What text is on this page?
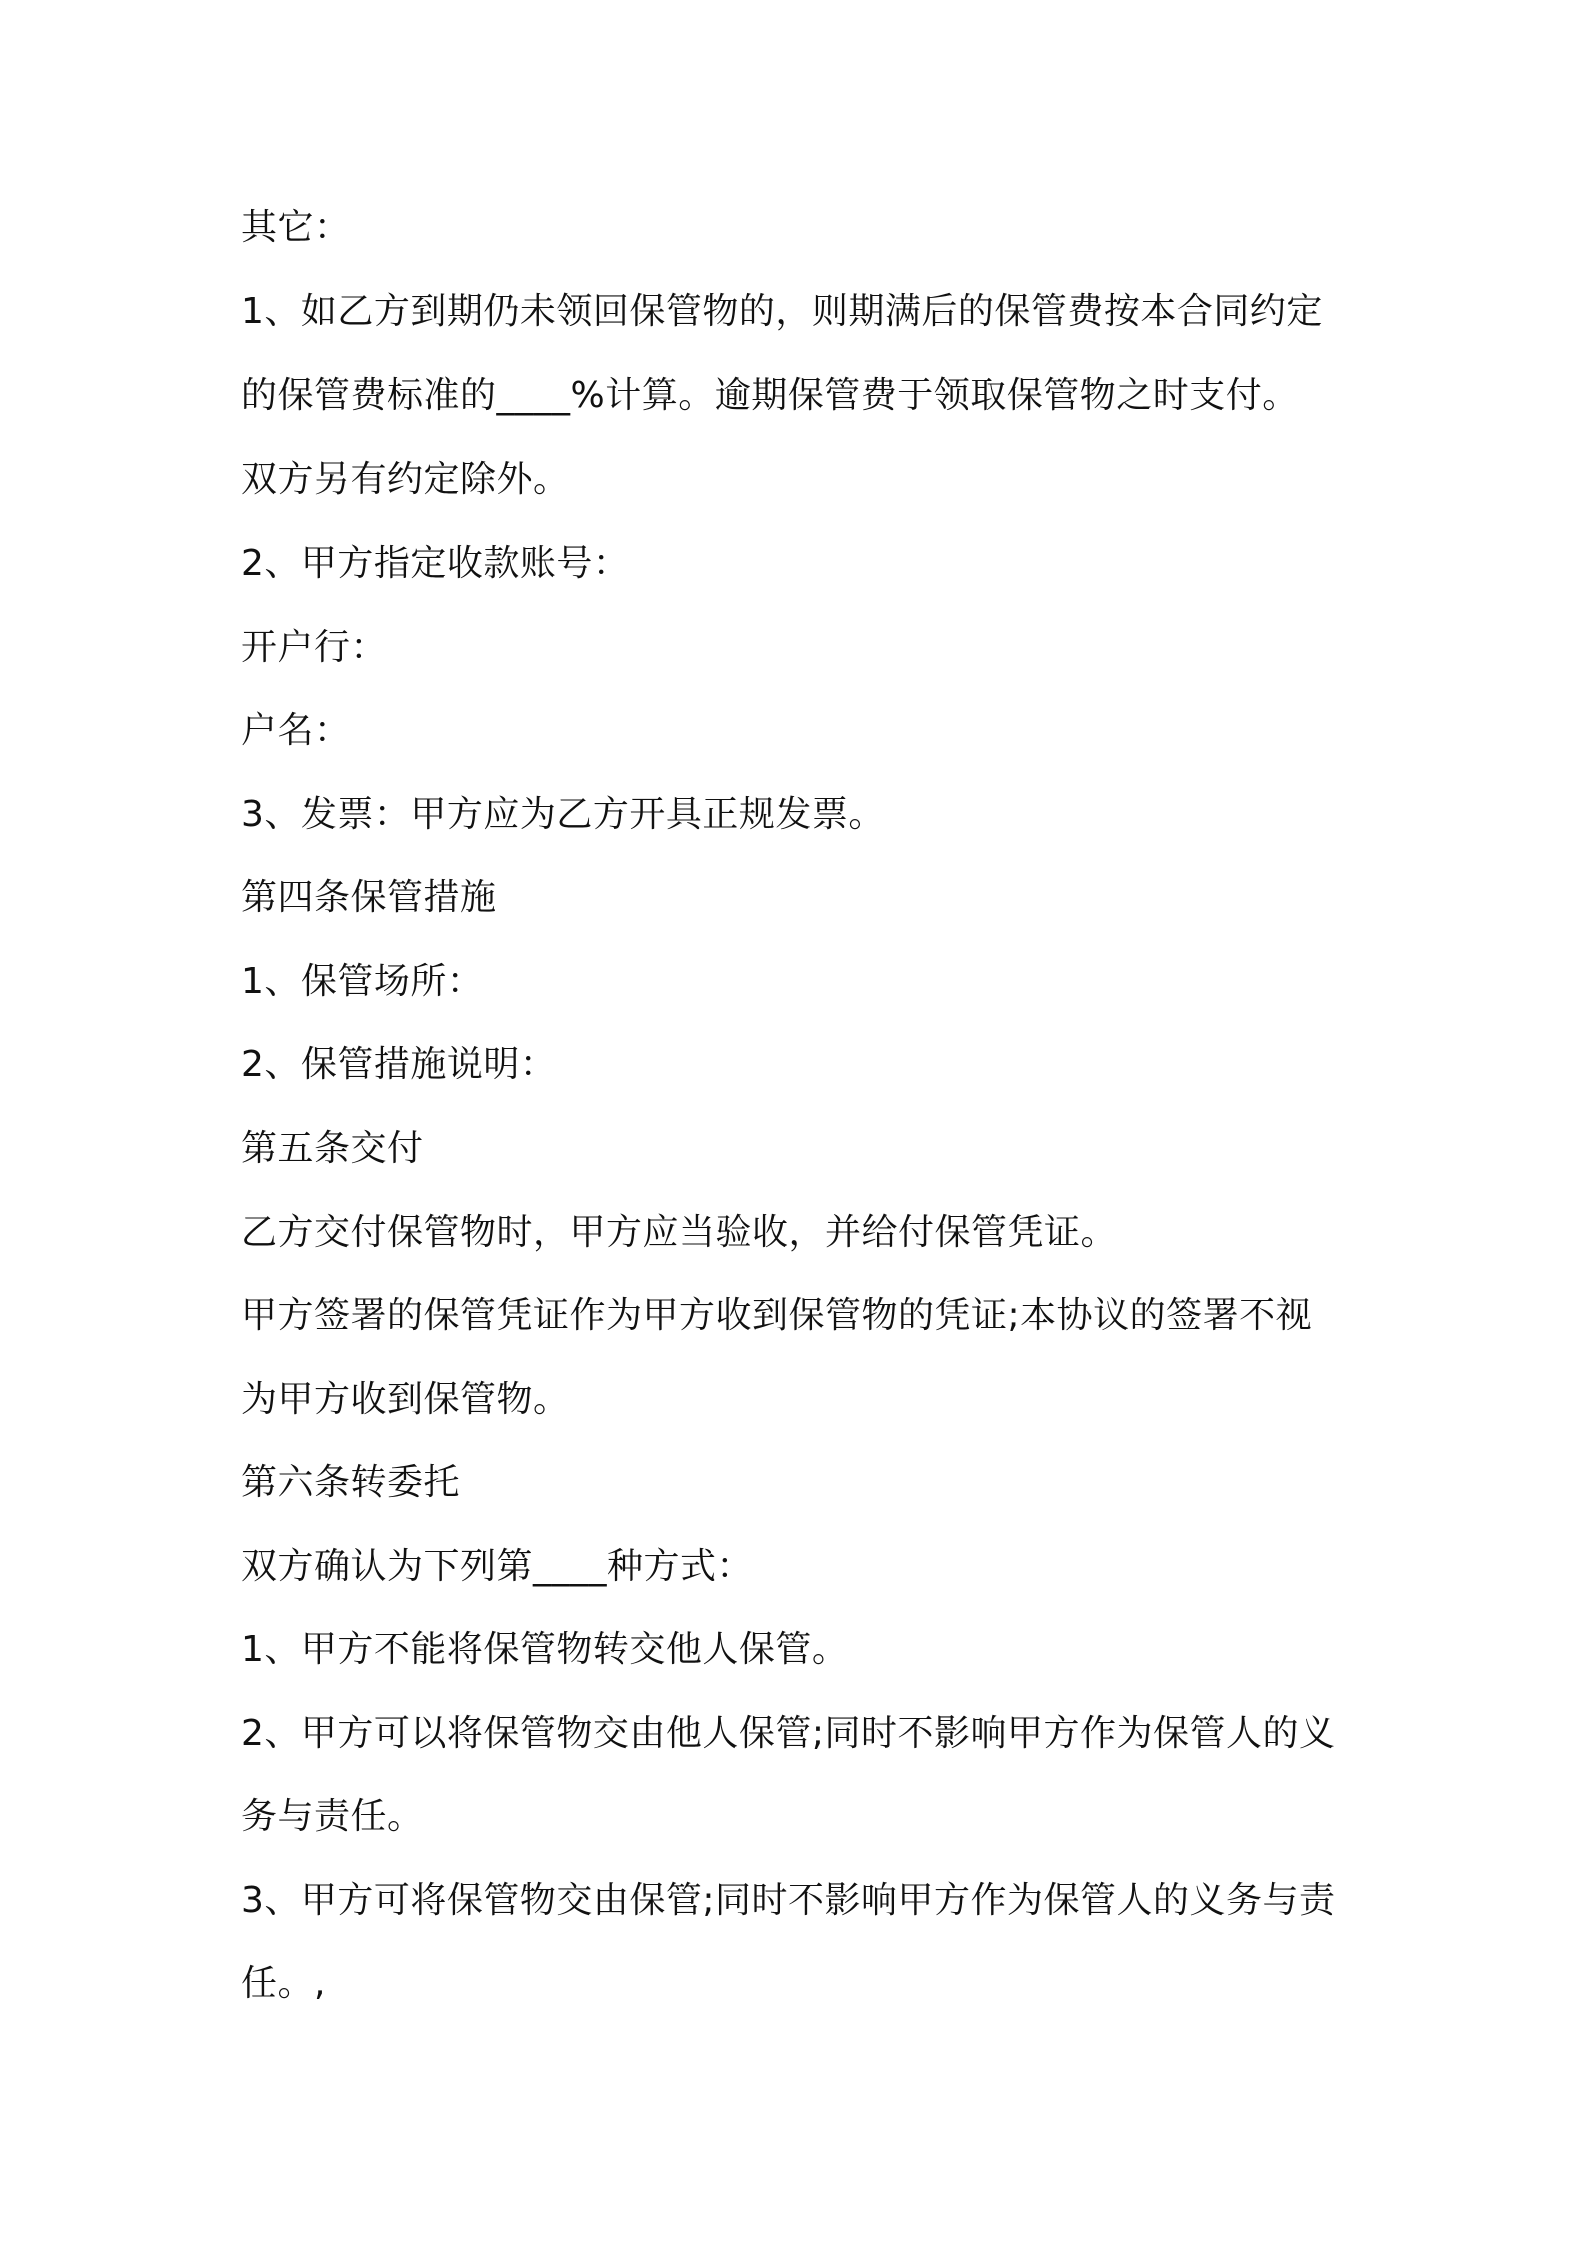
其它：
1、如乙方到期仍未领回保管物的，则期满后的保管费按本合同约定
的保管费标准的____%计算。逾期保管费于领取保管物之时支付。
双方另有约定除外。
2、甲方指定收款账号：
开户行：
户名：
3、发票：甲方应为乙方开具正规发票。
第四条保管措施
1、保管场所：
2、保管措施说明：
第五条交付
乙方交付保管物时，甲方应当验收，并给付保管凭证。
甲方签署的保管凭证作为甲方收到保管物的凭证;本协议的签署不视
为甲方收到保管物。
第六条转委托
双方确认为下列第____种方式：
1、甲方不能将保管物转交他人保管。
2、甲方可以将保管物交由他人保管;同时不影响甲方作为保管人的义
务与责任。
3、甲方可将保管物交由保管;同时不影响甲方作为保管人的义务与责
任。,
